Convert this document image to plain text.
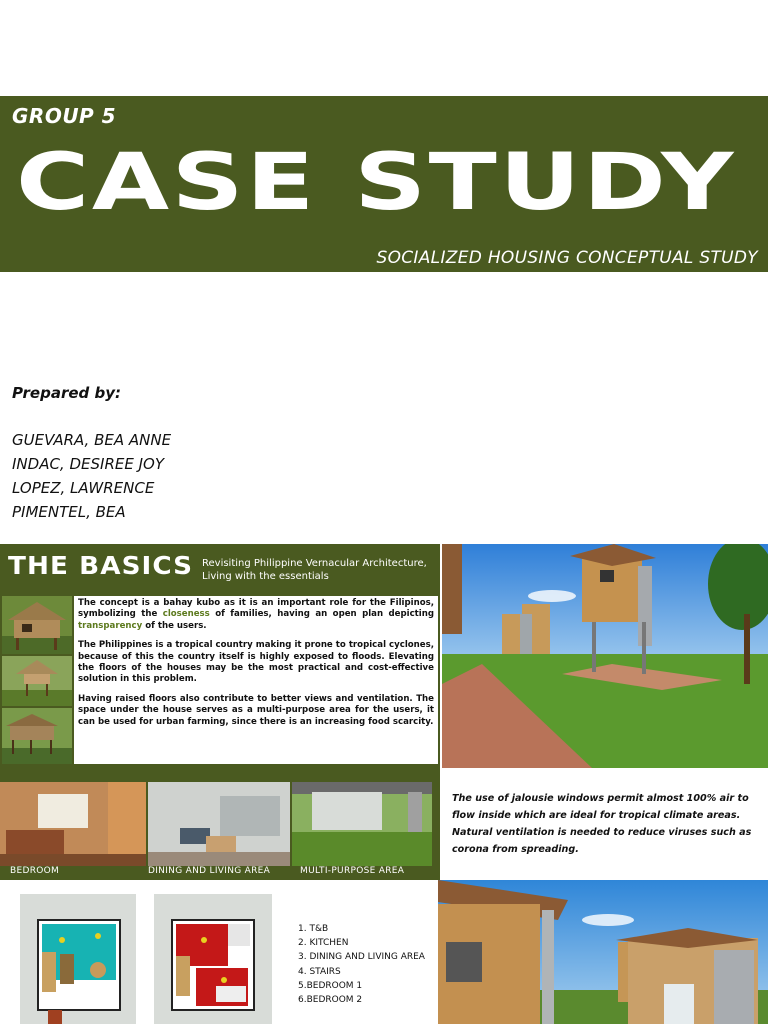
GROUP 5
CASE STUDY
SOCIALIZED HOUSING CONCEPTUAL STUDY
Prepared by:
GUEVARA, BEA ANNE
INDAC, DESIREE JOY
LOPEZ, LAWRENCE
PIMENTEL, BEA
THE BASICS Revisiting Philippine Vernacular Architecture,
Living with the essentials

The concept is a bahay kubo as it is an important role for the Filipinos, symbolizing the closeness of families, having an open plan depicting transparency of the users.

The Philippines is a tropical country making it prone to tropical cyclones, because of this the country itself is highly exposed to floods. Elevating the floors of the houses may be the most practical and cost-effective solution in this problem.

Having raised floors also contribute to better views and ventilation. The space under the house serves as a multi-purpose area for the users, it can be used for urban farming, since there is an increasing food scarcity.

BEDROOM	DINING AND LIVING AREA	MULTI-PURPOSE AREA
The use of jalousie windows permit almost 100% air to flow inside which are ideal for tropical climate areas. Natural ventilation is needed to reduce viruses such as corona from spreading.
1. T&B
2. KITCHEN
3. DINING AND LIVING AREA
4. STAIRS
5.BEDROOM 1
6.BEDROOM 2
